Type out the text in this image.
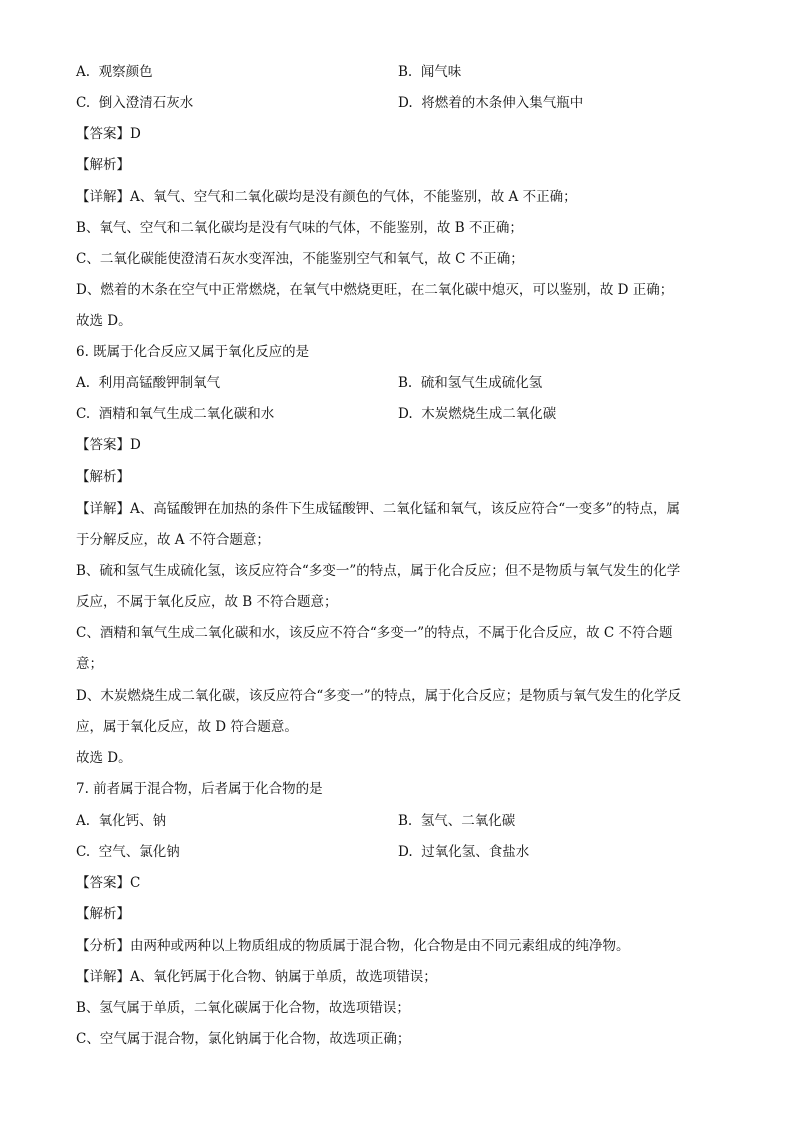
A. 观察颜色	B. 闻气味
C. 倒入澄清石灰水	D. 将燃着的木条伸入集气瓶中
【答案】D
【解析】
【详解】A、氧气、空气和二氧化碳均是没有颜色的气体，不能鉴别，故 A 不正确；
B、氧气、空气和二氧化碳均是没有气味的气体，不能鉴别，故 B 不正确；
C、二氧化碳能使澄清石灰水变浑浊，不能鉴别空气和氧气，故 C 不正确；
D、燃着的木条在空气中正常燃烧，在氧气中燃烧更旺，在二氧化碳中熄灭，可以鉴别，故 D 正确；
故选 D。
6. 既属于化合反应又属于氧化反应的是
A. 利用高锰酸钾制氧气	B. 硫和氢气生成硫化氢
C. 酒精和氧气生成二氧化碳和水	D. 木炭燃烧生成二氧化碳
【答案】D
【解析】
【详解】A、高锰酸钾在加热的条件下生成锰酸钾、二氧化锰和氧气，该反应符合“一变多”的特点，属
于分解反应，故 A 不符合题意；
B、硫和氢气生成硫化氢，该反应符合“多变一”的特点，属于化合反应；但不是物质与氧气发生的化学
反应，不属于氧化反应，故 B 不符合题意；
C、酒精和氧气生成二氧化碳和水，该反应不符合“多变一”的特点，不属于化合反应，故 C 不符合题
意；
D、木炭燃烧生成二氧化碳，该反应符合“多变一”的特点，属于化合反应；是物质与氧气发生的化学反
应，属于氧化反应，故 D 符合题意。
故选 D。
7. 前者属于混合物，后者属于化合物的是
A. 氧化钙、钠	B. 氢气、二氧化碳
C. 空气、氯化钠	D. 过氧化氢、食盐水
【答案】C
【解析】
【分析】由两种或两种以上物质组成的物质属于混合物，化合物是由不同元素组成的纯净物。
【详解】A、氧化钙属于化合物、钠属于单质，故选项错误；
B、氢气属于单质，二氧化碳属于化合物，故选项错误；
C、空气属于混合物，氯化钠属于化合物，故选项正确；
